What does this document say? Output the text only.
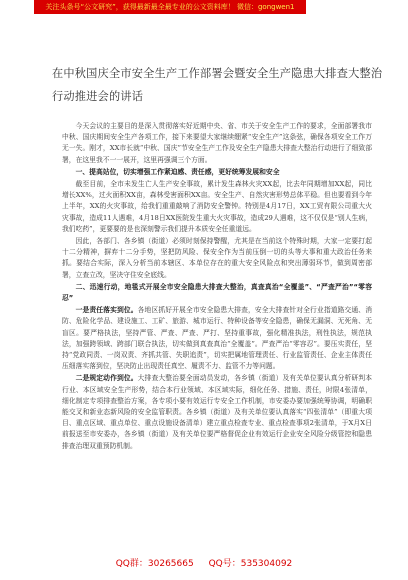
关注头条号“公文研究”，获得最新最全最专业的公文资料库！ 微信：gongwen1
在中秋国庆全市安全生产工作部署会暨安全生产隐患大排查大整治
行动推进会的讲话

今天会议的主要目的是深入贯彻落实好近期中央、省、市关于安全生产工作的要求，全面部署我市中秋、国庆期间安全生产各项工作，接下来要望大家继续绷紧“安全生产”这条弦，确保各项安全工作万无一失。刚才，XX市长就“中秋、国庆”节安全生产工作及安全生产隐患大排查大整治行动进行了细致部署，在这里我不一一展开，这里再强调三个方面。

一、提高站位，切实增强工作紧迫感、责任感，更好统筹发展和安全

截至目前，全市未发生亡人生产安全事故，累计发生森林火灾XX起，比去年同期增加XX起，同比增长XX%，过火面积XX亩，森林受害面积XX亩。安全生产、自然灾害形势总体平稳。但也要看到今年上半年，XX的火灾事故，给我们重重敲响了消防安全警钟。特别是4月17日，XX工贸有限公司重大火灾事故，造成11人遇难，4月18日XX医院发生重大火灾事故，造成29人遇难，这不仅仅是“别人生病，我们吃药”，更要要的是也深刻警示我们提升本质安全任重道远。

因此，各部门、各乡镇（街道）必须时刻保持警醒，尤其是在当前这个特殊时期，大家一定要打起十二分精神，摒弃十二分手势，坚把防风险、保安全作为当前压倒一切的头等大事和重大政治任务来抓。要结合实际，深入分析当前本辖区、本单位存在的重大安全风险点和突出薄弱环节，做到周密部署，立查立改，坚决守住安全底线。

二、迅速行动，地毯式开展全市安全隐患大排查大整治，真查真治“全覆盖”、“严查严治”“零容忍”

一是责任落实到位。各地区抓好开展全市安全隐患大排查，安全大排查针对全行业指道路交通、消防、危险化学品、建设施工、工矿、旅游、城市运行、特种设备等安全隐患，确保无漏洞、无死角、无盲区。要严格执法，坚持严管、严查、严查、严打、坚持重事故，强化精准执法，刑性执法，规范执法，加强跨领域、跨部门联合执法，切实做到真查真治“全覆盖”。严查严治“零容忍”。要压实责任，坚持“党政同责、一岗双责、齐抓共管、失职追责”，切实把属地管理责任、行业监管责任、企业主体责任压细落实落到位，坚决防止出现责任真空、履责不力、监管不力等问题。

二是规定动作到位。大排查大整治要全面动员发动，各乡镇（街道）及有关单位要认真分析研判本行业、本区域安全生产形势，结合本行业领域、本区域实际，细化任务、措施、责任，时限4张清单，细化制定专项排查整治方案，各专项小要有效运行专安全工作机制，市安委办要加强统筹协调，明确职能交叉和新业态新风险的安全监管职责。各乡镇（街道）及有关单位要认真落实“四张清单”（即重大项目、重点区域、重点单位、重点设施设备清单）建立重点检查专业、重点检查事项2张清单，于X月X日前报送至市安委办，各乡镇（街道）及有关单位要严格督促企业有效运行企业安全风险分级管控和隐患排查治理双重预防机制。

QQ群：30265665 QQ号：535304092
